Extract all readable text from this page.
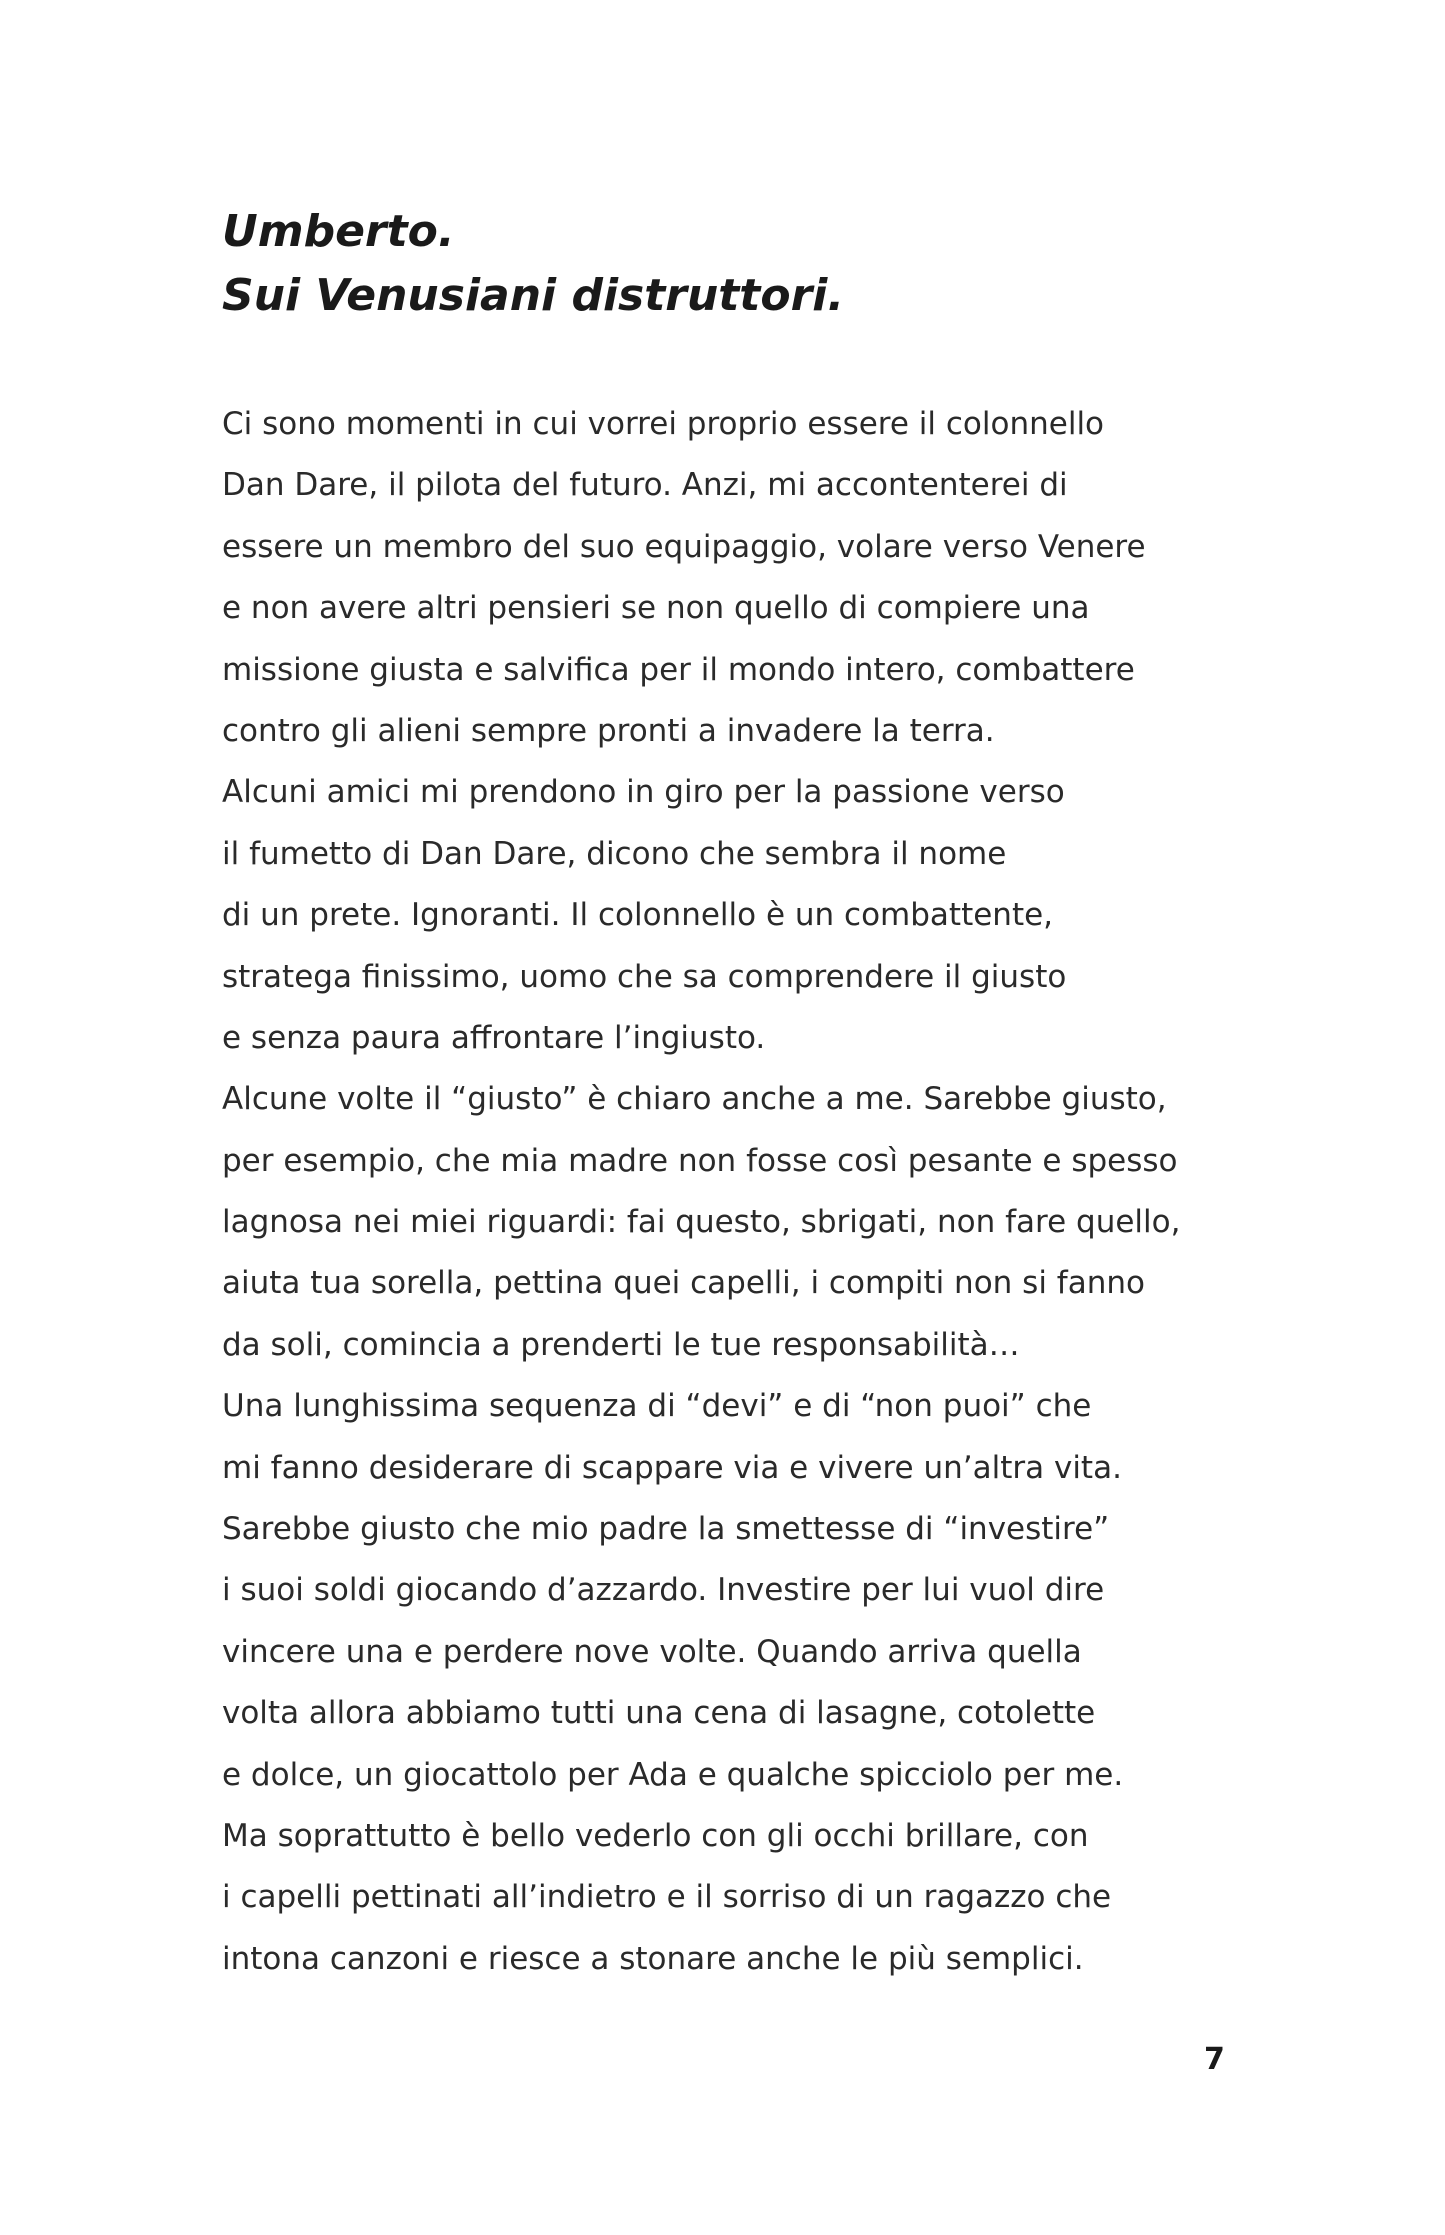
Umberto.
Sui Venusiani distruttori.
Ci sono momenti in cui vorrei proprio essere il colonnello
Dan Dare, il pilota del futuro. Anzi, mi accontenterei di
essere un membro del suo equipaggio, volare verso Venere
e non avere altri pensieri se non quello di compiere una
missione giusta e salvifica per il mondo intero, combattere
contro gli alieni sempre pronti a invadere la terra.
Alcuni amici mi prendono in giro per la passione verso
il fumetto di Dan Dare, dicono che sembra il nome
di un prete. Ignoranti. Il colonnello è un combattente,
stratega finissimo, uomo che sa comprendere il giusto
e senza paura affrontare l’ingiusto.
Alcune volte il “giusto” è chiaro anche a me. Sarebbe giusto,
per esempio, che mia madre non fosse così pesante e spesso
lagnosa nei miei riguardi: fai questo, sbrigati, non fare quello,
aiuta tua sorella, pettina quei capelli, i compiti non si fanno
da soli, comincia a prenderti le tue responsabilità…
Una lunghissima sequenza di “devi” e di “non puoi” che
mi fanno desiderare di scappare via e vivere un’altra vita.
Sarebbe giusto che mio padre la smettesse di “investire”
i suoi soldi giocando d’azzardo. Investire per lui vuol dire
vincere una e perdere nove volte. Quando arriva quella
volta allora abbiamo tutti una cena di lasagne, cotolette
e dolce, un giocattolo per Ada e qualche spicciolo per me.
Ma soprattutto è bello vederlo con gli occhi brillare, con
i capelli pettinati all’indietro e il sorriso di un ragazzo che
intona canzoni e riesce a stonare anche le più semplici.
7
